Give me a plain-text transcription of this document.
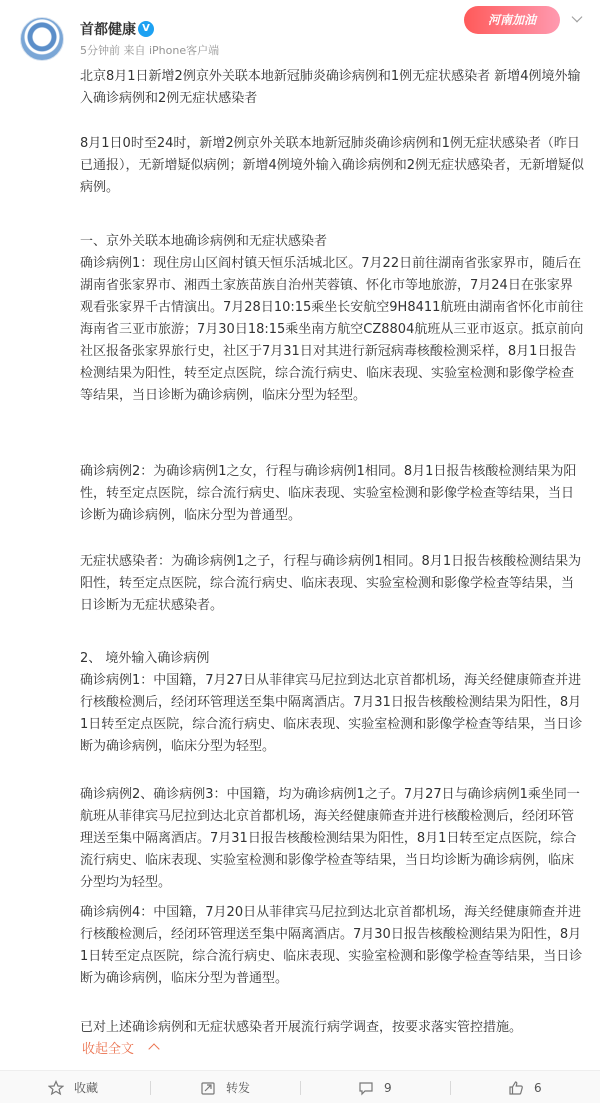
首都健康 V
5分钟前 来自 iPhone客户端
河南加油
北京8月1日新增2例京外关联本地新冠肺炎确诊病例和1例无症状感染者 新增4例境外输入确诊病例和2例无症状感染者
8月1日0时至24时，新增2例京外关联本地新冠肺炎确诊病例和1例无症状感染者（昨日已通报），无新增疑似病例；新增4例境外输入确诊病例和2例无症状感染者，无新增疑似病例。
一、京外关联本地确诊病例和无症状感染者
确诊病例1：现住房山区阎村镇天恒乐活城北区。7月22日前往湖南省张家界市，随后在湖南省张家界市、湘西土家族苗族自治州芙蓉镇、怀化市等地旅游，7月24日在张家界观看张家界千古情演出。7月28日10:15乘坐长安航空9H8411航班由湖南省怀化市前往海南省三亚市旅游；7月30日18:15乘坐南方航空CZ8804航班从三亚市返京。抵京前向社区报备张家界旅行史，社区于7月31日对其进行新冠病毒核酸检测采样，8月1日报告检测结果为阳性，转至定点医院，综合流行病史、临床表现、实验室检测和影像学检查等结果，当日诊断为确诊病例，临床分型为轻型。
确诊病例2：为确诊病例1之女，行程与确诊病例1相同。8月1日报告核酸检测结果为阳性，转至定点医院，综合流行病史、临床表现、实验室检测和影像学检查等结果，当日诊断为确诊病例，临床分型为普通型。
无症状感染者：为确诊病例1之子，行程与确诊病例1相同。8月1日报告核酸检测结果为阳性，转至定点医院，综合流行病史、临床表现、实验室检测和影像学检查等结果，当日诊断为无症状感染者。
2、 境外输入确诊病例
确诊病例1：中国籍，7月27日从菲律宾马尼拉到达北京首都机场，海关经健康筛查并进行核酸检测后，经闭环管理送至集中隔离酒店。7月31日报告核酸检测结果为阳性，8月1日转至定点医院，综合流行病史、临床表现、实验室检测和影像学检查等结果，当日诊断为确诊病例，临床分型为轻型。
确诊病例2、确诊病例3：中国籍，均为确诊病例1之子。7月27日与确诊病例1乘坐同一航班从菲律宾马尼拉到达北京首都机场，海关经健康筛查并进行核酸检测后，经闭环管理送至集中隔离酒店。7月31日报告核酸检测结果为阳性，8月1日转至定点医院，综合流行病史、临床表现、实验室检测和影像学检查等结果，当日均诊断为确诊病例，临床分型均为轻型。
确诊病例4：中国籍，7月20日从菲律宾马尼拉到达北京首都机场，海关经健康筛查并进行核酸检测后，经闭环管理送至集中隔离酒店。7月30日报告核酸检测结果为阳性，8月1日转至定点医院，综合流行病史、临床表现、实验室检测和影像学检查等结果，当日诊断为确诊病例，临床分型为普通型。
已对上述确诊病例和无症状感染者开展流行病学调查，按要求落实管控措施。
收起全文
收藏	转发	9	6
